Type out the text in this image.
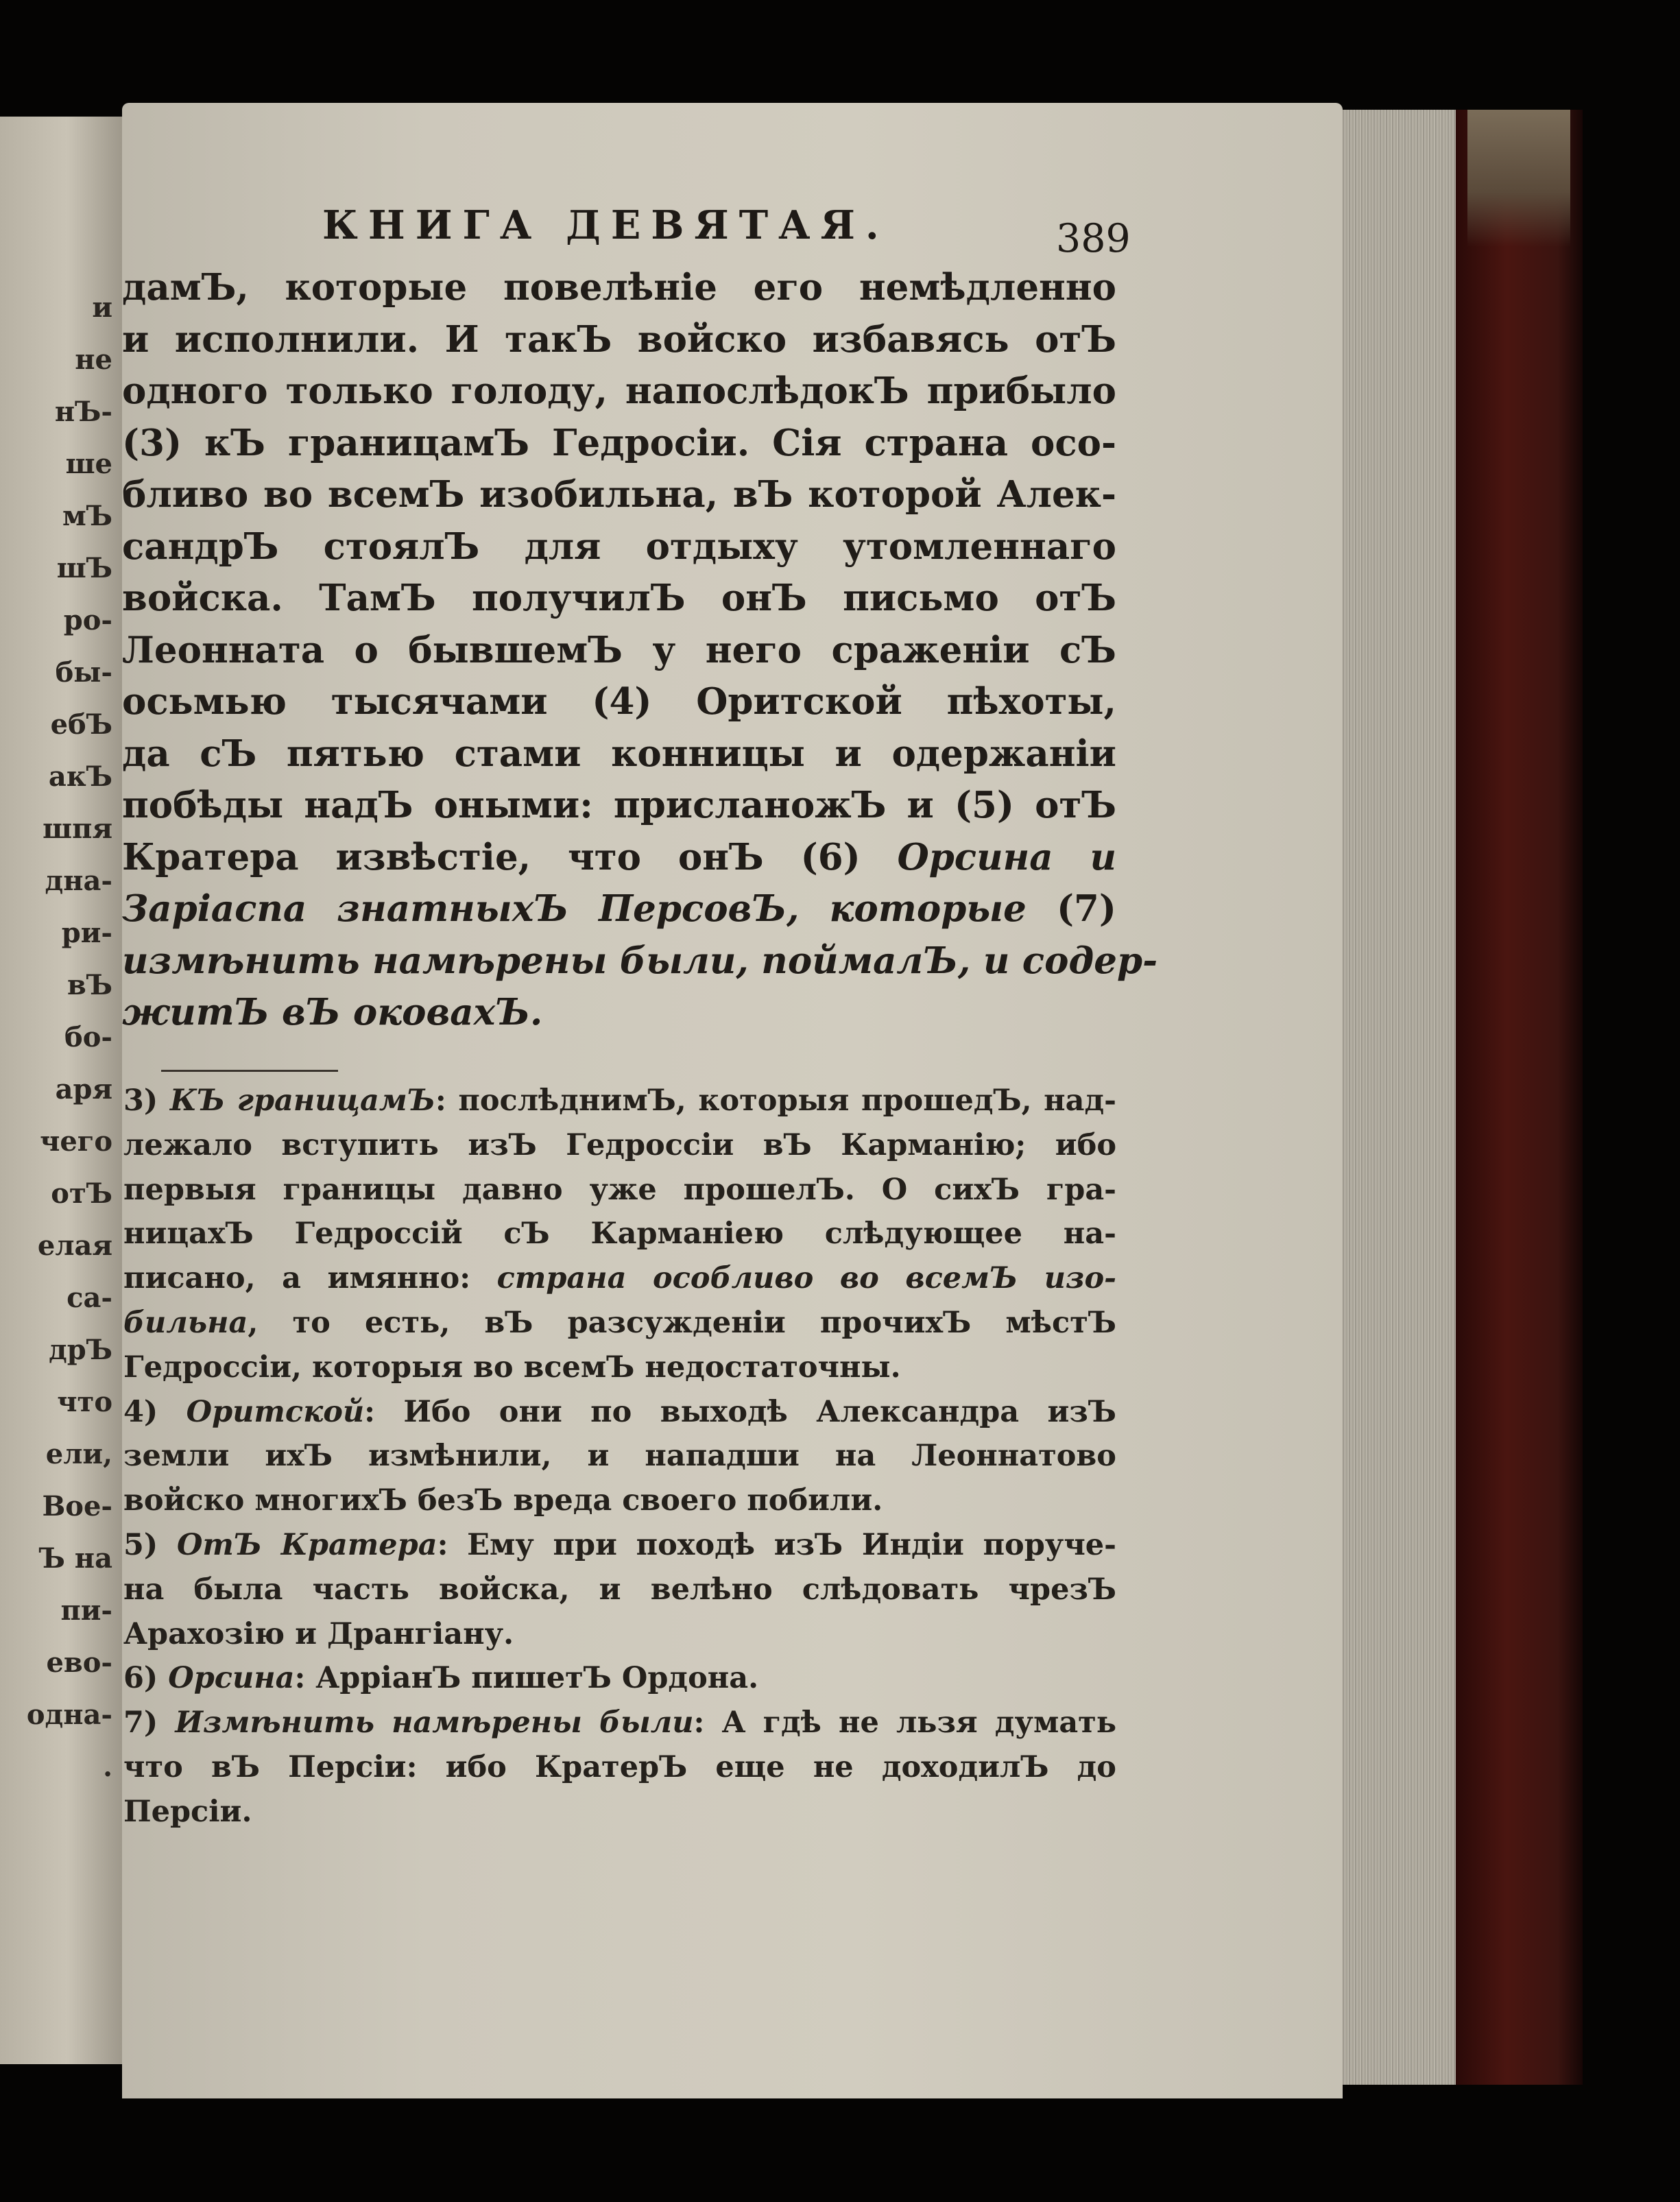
и
не
нЪ-
ше
мЪ
шЪ
ро-
бы-
ебЪ
акЪ
шпя
дна-
ри-
вЪ
бо-
аря
чего
отЪ
елая
са-
дрЪ
что
ели,
Вое-
Ъ на
пи-
ево-
одна-
.
КНИГА ДЕВЯТАЯ.	389
дамЪ, которые повелѣніе его немѣдленно
и исполнили. И такЪ войско избавясь отЪ
одного только голоду, напослѣдокЪ прибыло
(3) кЪ границамЪ Гедросіи. Сія страна осо-
бливо во всемЪ изобильна, вЪ которой Алек-
сандрЪ стоялЪ для отдыху утомленнаго
войска. ТамЪ получилЪ онЪ письмо отЪ
Леонната о бывшемЪ у него сраженіи сЪ
осьмью тысячами (4) Оритской пѣхоты,
да сЪ пятью стами конницы и одержаніи
побѣды надЪ оными: присланожЪ и (5) отЪ
Кратера извѣстіе, что онЪ (6) Орсина и
Заріаспа знатныхЪ ПерсовЪ, которые (7)
измѣнить намѣрены были, поймалЪ, и содер-
житЪ вЪ оковахЪ.
3) КЪ границамЪ : послѣднимЪ, которыя прошедЪ, над-
лежало вступить изЪ Гедроссіи вЪ Карманію; ибо
первыя границы давно уже прошелЪ. О сихЪ гра-
ницахЪ Гедроссій сЪ Карманіею слѣдующее на-
писано, а имянно: страна особливо во всемЪ изо-
бильна , то есть, вЪ разсужденіи прочихЪ мѣстЪ
Гедроссіи, которыя во всемЪ недостаточны.
4) Оритской : Ибо они по выходѣ Александра изЪ
земли ихЪ измѣнили, и нападши на Леоннатово
войско многихЪ безЪ вреда своего побили.
5) ОтЪ Кратера : Ему при походѣ изЪ Индіи поруче-
на была часть войска, и велѣно слѣдовать чрезЪ
Арахозію и Дрангіану.
6) Орсина : АрріанЪ пишетЪ Ордона.
7) Измѣнить намѣрены были : А гдѣ не льзя думать
что вЪ Персіи: ибо КратерЪ еще не доходилЪ до
Персіи.
